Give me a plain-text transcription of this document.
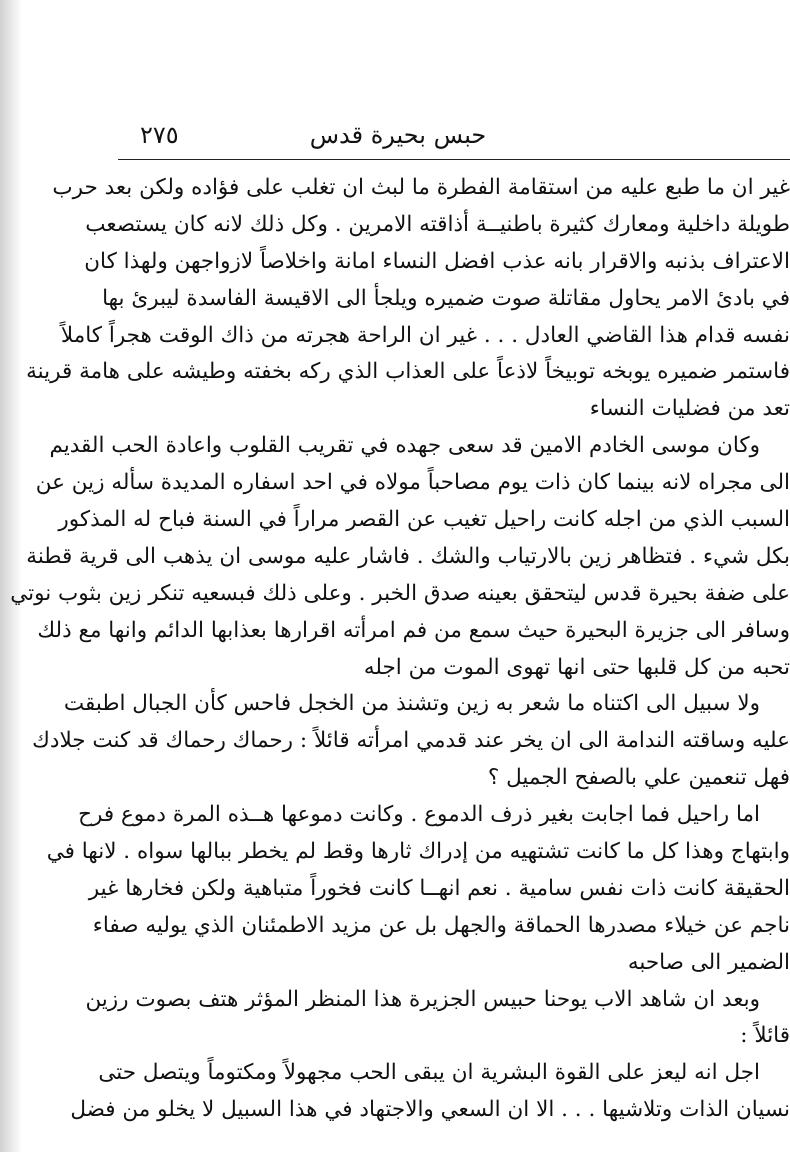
حبس بحيرة قدس
٢٧٥
غير ان ما طبع عليه من استقامة الفطرة ما لبث ان تغلب على فؤاده ولكن بعد حرب
طويلة داخلية ومعارك كثيرة باطنيــة أذاقته الامرين . وكل ذلك لانه كان يستصعب
الاعتراف بذنبه والاقرار بانه عذب افضل النساء امانة واخلاصاً لازواجهن ولهذا كان
في بادئ الامر يحاول مقاتلة صوت ضميره ويلجأ الى الاقيسة الفاسدة ليبرئ بها
نفسه قدام هذا القاضي العادل . . . غير ان الراحة هجرته من ذاك الوقت هجراً كاملاً
فاستمر ضميره يوبخه توبيخاً لاذعاً على العذاب الذي ركه بخفته وطيشه على هامة قرينة
تعد من فضليات النساء
وكان موسى الخادم الامين قد سعى جهده في تقريب القلوب واعادة الحب القديم
الى مجراه لانه بينما كان ذات يوم مصاحباً مولاه في احد اسفاره المديدة سأله زين عن
السبب الذي من اجله كانت راحيل تغيب عن القصر مراراً في السنة فباح له المذكور
بكل شيء . فتظاهر زين بالارتياب والشك . فاشار عليه موسى ان يذهب الى قرية قطنة
على ضفة بحيرة قدس ليتحقق بعينه صدق الخبر . وعلى ذلك فبسعيه تنكر زين بثوب نوتي
وسافر الى جزيرة البحيرة حيث سمع من فم امرأته اقرارها بعذابها الدائم وانها مع ذلك
تحبه من كل قلبها حتى انها تهوى الموت من اجله
ولا سبيل الى اكتناه ما شعر به زين وتشنذ من الخجل فاحس كأن الجبال اطبقت
عليه وساقته الندامة الى ان يخر عند قدمي امرأته قائلاً : رحماك رحماك قد كنت جلادك
فهل تنعمين علي بالصفح الجميل ؟
اما راحيل فما اجابت بغير ذرف الدموع . وكانت دموعها هــذه المرة دموع فرح
وابتهاج وهذا كل ما كانت تشتهيه من إدراك ثارها وقط لم يخطر ببالها سواه . لانها في
الحقيقة كانت ذات نفس سامية . نعم انهــا كانت فخوراً متباهية ولكن فخارها غير
ناجم عن خيلاء مصدرها الحماقة والجهل بل عن مزيد الاطمئنان الذي يوليه صفاء
الضمير الى صاحبه
وبعد ان شاهد الاب يوحنا حبيس الجزيرة هذا المنظر المؤثر هتف بصوت رزين
قائلاً :
اجل انه ليعز على القوة البشرية ان يبقى الحب مجهولاً ومكتوماً ويتصل حتى
نسيان الذات وتلاشيها . . . الا ان السعي والاجتهاد في هذا السبيل لا يخلو من فضل
